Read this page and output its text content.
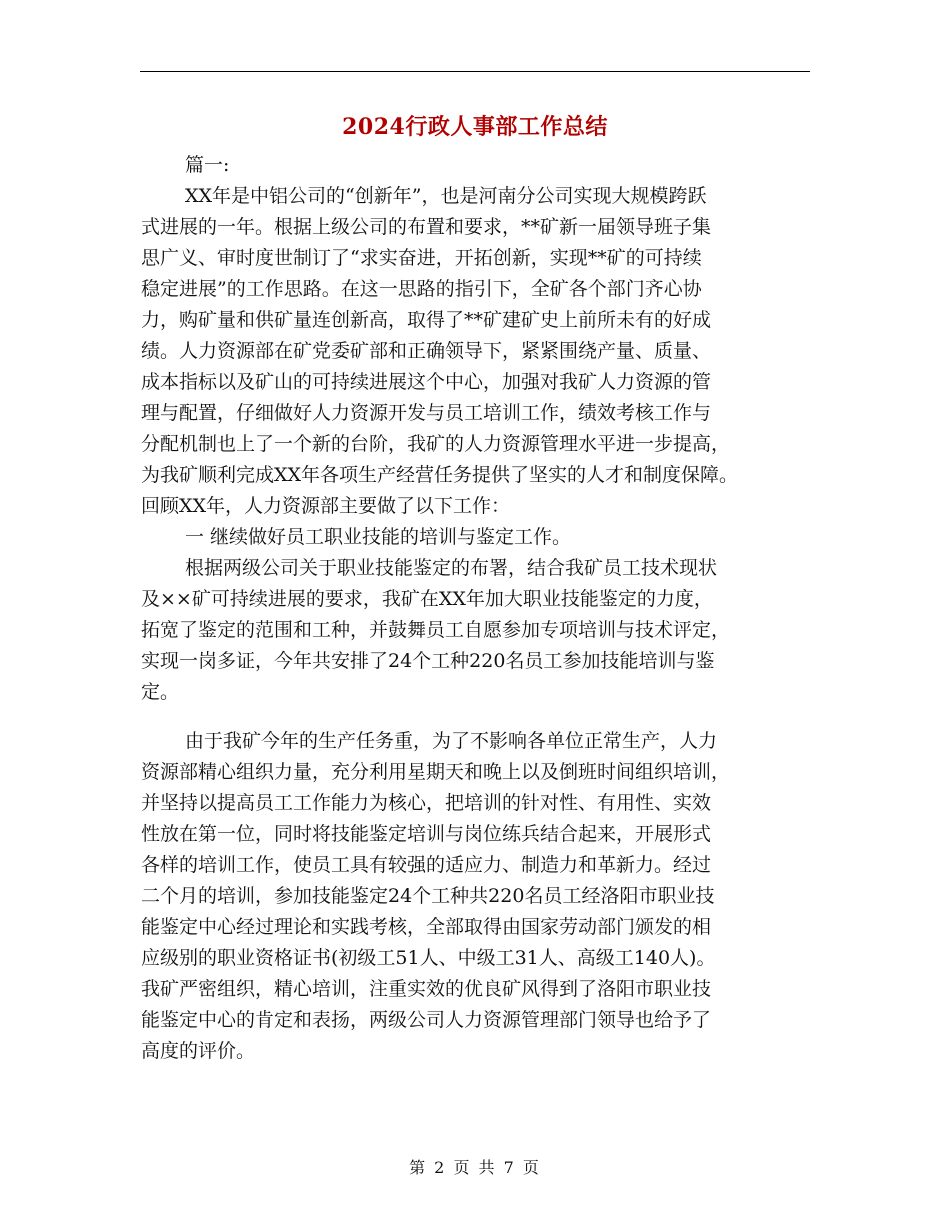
2024行政人事部工作总结
篇一:
XX年是中铝公司的“创新年”，也是河南分公司实现大规模跨跃
式进展的一年。根据上级公司的布置和要求，**矿新一届领导班子集
思广义、审时度世制订了“求实奋进，开拓创新，实现**矿的可持续
稳定进展”的工作思路。在这一思路的指引下，全矿各个部门齐心协
力，购矿量和供矿量连创新高，取得了**矿建矿史上前所未有的好成
绩。人力资源部在矿党委矿部和正确领导下，紧紧围绕产量、质量、
成本指标以及矿山的可持续进展这个中心，加强对我矿人力资源的管
理与配置，仔细做好人力资源开发与员工培训工作，绩效考核工作与
分配机制也上了一个新的台阶，我矿的人力资源管理水平进一步提高，
为我矿顺利完成XX年各项生产经营任务提供了坚实的人才和制度保障。
回顾XX年，人力资源部主要做了以下工作：
一 继续做好员工职业技能的培训与鉴定工作。
根据两级公司关于职业技能鉴定的布署，结合我矿员工技术现状
及××矿可持续进展的要求，我矿在XX年加大职业技能鉴定的力度，
拓宽了鉴定的范围和工种，并鼓舞员工自愿参加专项培训与技术评定，
实现一岗多证，今年共安排了24个工种220名员工参加技能培训与鉴
定。
由于我矿今年的生产任务重，为了不影响各单位正常生产，人力
资源部精心组织力量，充分利用星期天和晚上以及倒班时间组织培训，
并坚持以提高员工工作能力为核心，把培训的针对性、有用性、实效
性放在第一位，同时将技能鉴定培训与岗位练兵结合起来，开展形式
各样的培训工作，使员工具有较强的适应力、制造力和革新力。经过
二个月的培训，参加技能鉴定24个工种共220名员工经洛阳市职业技
能鉴定中心经过理论和实践考核，全部取得由国家劳动部门颁发的相
应级别的职业资格证书(初级工51人、中级工31人、高级工140人)。
我矿严密组织，精心培训，注重实效的优良矿风得到了洛阳市职业技
能鉴定中心的肯定和表扬，两级公司人力资源管理部门领导也给予了
高度的评价。
第 2 页 共 7 页
